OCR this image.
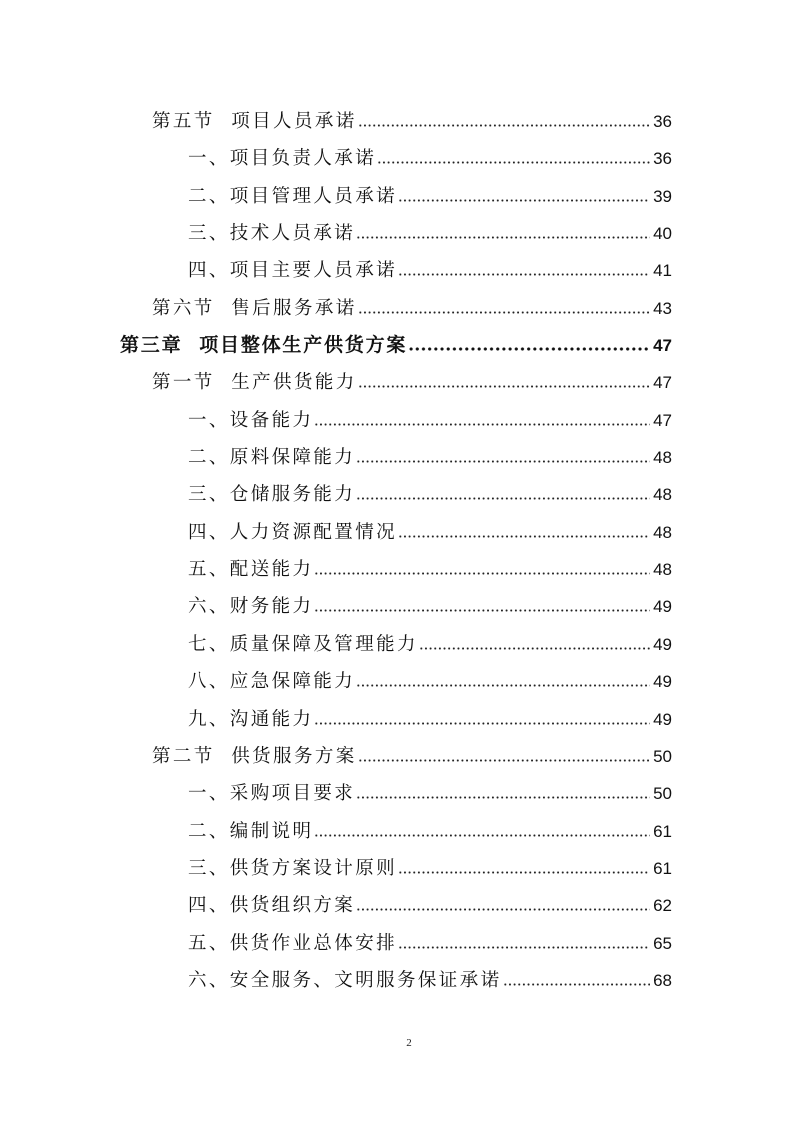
第五节  项目人员承诺	36
一、项目负责人承诺	36
二、项目管理人员承诺	39
三、技术人员承诺	40
四、项目主要人员承诺	41
第六节  售后服务承诺	43
第三章  项目整体生产供货方案	47
第一节  生产供货能力	47
一、设备能力	47
二、原料保障能力	48
三、仓储服务能力	48
四、人力资源配置情况	48
五、配送能力	48
六、财务能力	49
七、质量保障及管理能力	49
八、应急保障能力	49
九、沟通能力	49
第二节  供货服务方案	50
一、采购项目要求	50
二、编制说明	61
三、供货方案设计原则	61
四、供货组织方案	62
五、供货作业总体安排	65
六、安全服务、文明服务保证承诺	68
2
